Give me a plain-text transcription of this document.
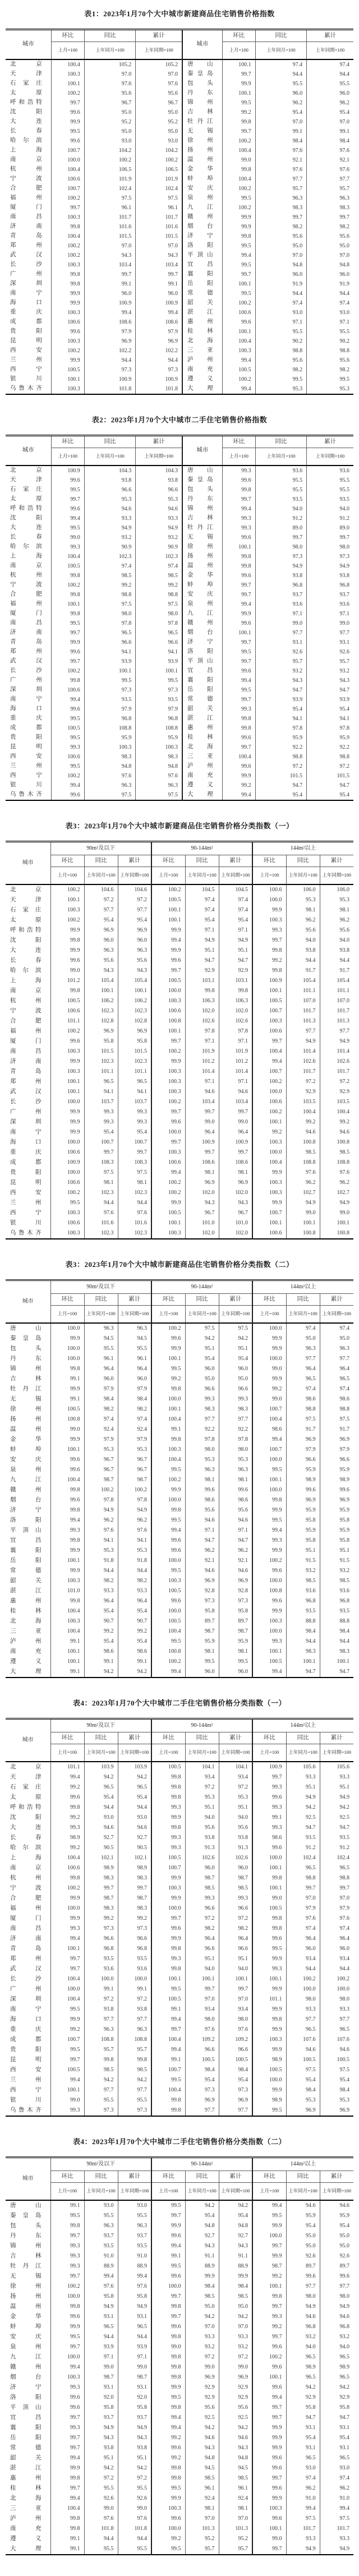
表1：2023年1月70个大中城市新建商品住宅销售价格指数
城市	环比	同比	累计	城市	环比	同比	累计
	上月=100	上年同月=100	上年同期=100		上月=100	上年同月=100	上年同期=100
北京	100.4	105.2	105.2	唐山	100.1	97.4	97.4
天津	100.3	97.0	97.0	秦皇岛	99.7	94.4	94.4
石家庄	100.1	97.6	97.6	包头	99.9	95.5	95.5
太原	100.2	95.6	95.6	丹东	100.1	96.0	96.0
呼和浩特	99.7	96.7	96.7	锦州	99.5	96.2	96.2
沈阳	99.6	95.0	95.0	吉林	99.2	95.4	95.4
大连	99.9	95.2	95.2	牡丹江	99.8	97.0	97.0
长春	99.5	95.0	95.0	无锡	99.7	99.1	99.1
哈尔滨	99.6	93.0	93.0	徐州	100.2	98.4	98.4
上海	100.7	104.2	104.2	扬州	100.4	97.6	97.6
南京	100.0	100.2	100.2	温州	99.0	92.1	92.1
杭州	100.4	106.5	106.5	金华	99.8	97.6	97.6
宁波	100.6	101.9	101.9	蚌埠	100.4	97.7	97.7
合肥	100.7	102.4	102.4	安庆	100.2	95.7	95.7
福州	100.2	97.5	97.5	泉州	99.5	96.3	96.3
厦门	99.7	96.1	96.1	九江	100.2	98.3	98.3
南昌	100.3	101.7	101.7	赣州	99.9	99.7	99.7
济南	99.8	101.6	101.6	烟台	99.9	98.2	98.2
青岛	100.4	101.5	101.5	济宁	99.8	95.6	95.6
郑州	100.2	97.0	97.0	洛阳	99.5	95.0	95.0
武汉	100.2	94.3	94.3	平顶山	99.4	97.0	97.0
长沙	100.3	103.4	103.4	宜昌	99.5	94.8	94.8
广州	99.8	99.7	99.7	襄阳	99.7	96.0	96.0
深圳	99.8	99.1	99.1	岳阳	100.1	91.9	91.9
南宁	99.9	96.0	96.0	常德	99.5	94.4	94.4
海口	99.9	100.9	100.9	韶关	100.2	97.4	97.4
重庆	100.3	99.4	99.4	湛江	100.6	93.0	93.0
成都	100.6	108.6	108.6	惠州	99.6	97.1	97.1
贵阳	99.6	97.9	97.9	桂林	100.1	95.5	95.5
昆明	100.3	96.9	96.9	北海	100.4	90.2	90.2
西安	100.2	102.2	102.2	三亚	100.3	98.8	98.8
兰州	99.9	94.4	94.4	泸州	99.4	95.6	95.6
西宁	100.5	97.3	97.3	南充	100.5	98.2	98.2
银川	100.1	100.9	100.9	遵义	100.2	99.5	99.5
乌鲁木齐	100.3	101.8	101.8	大理	99.4	95.3	95.3
表2：2023年1月70个大中城市二手住宅销售价格指数
城市	环比	同比	累计	城市	环比	同比	累计
	上月=100	上年同月=100	上年同期=100		上月=100	上年同月=100	上年同期=100
北京	100.9	104.3	104.3	唐山	99.3	93.6	93.6
天津	99.6	93.8	93.8	秦皇岛	99.6	95.5	95.5
石家庄	99.5	96.6	96.6	包头	99.8	95.5	95.5
太原	99.7	95.3	95.3	丹东	99.7	93.5	93.5
呼和浩特	99.6	94.6	94.6	锦州	99.4	94.0	94.0
沈阳	99.4	93.3	93.3	吉林	99.3	91.2	91.2
大连	99.5	94.9	94.9	牡丹江	99.3	89.0	89.0
长春	99.0	93.2	93.2	无锡	99.6	99.7	99.7
哈尔滨	99.3	90.9	90.9	徐州	100.1	98.0	98.0
上海	100.4	102.3	102.3	扬州	99.8	97.3	97.3
南京	100.5	97.4	97.4	温州	99.8	94.9	94.9
杭州	99.8	98.5	98.5	金华	99.6	93.8	93.8
宁波	100.2	99.2	99.2	蚌埠	99.7	96.8	96.8
合肥	99.8	98.8	98.8	安庆	99.7	93.7	93.7
福州	100.1	97.5	97.5	泉州	99.4	93.6	93.6
厦门	99.8	98.0	98.0	九江	99.9	97.1	97.1
南昌	99.5	97.8	97.8	赣州	99.6	99.0	99.0
济南	99.7	96.5	96.5	烟台	100.1	97.7	97.7
青岛	99.9	96.6	96.6	济宁	99.7	93.1	93.1
郑州	99.6	94.1	94.1	洛阳	99.5	92.6	92.6
武汉	99.7	93.9	93.9	平顶山	99.7	95.7	95.7
长沙	100.2	100.1	100.1	宜昌	99.6	93.2	93.2
广州	99.8	99.5	99.5	襄阳	99.4	94.3	94.3
深圳	100.6	97.3	97.3	岳阳	99.5	94.7	94.7
南宁	99.4	93.5	93.5	常德	99.7	93.9	93.9
海口	99.6	97.9	97.9	韶关	99.3	95.4	95.4
重庆	99.5	96.8	96.8	湛江	99.8	94.1	94.1
成都	100.5	108.8	108.8	惠州	99.8	97.8	97.8
贵阳	99.5	95.9	95.9	桂林	99.6	95.9	95.9
昆明	99.3	100.3	100.3	北海	99.7	92.2	92.2
西安	100.6	98.3	98.3	三亚	100.4	98.8	98.8
兰州	99.5	94.8	94.8	泸州	99.6	97.2	97.2
西宁	100.2	97.6	97.6	南充	99.9	101.5	101.5
银川	99.4	96.3	96.3	遵义	99.2	94.7	94.7
乌鲁木齐	99.6	97.5	97.5	大理	99.4	95.4	95.4
表3：2023年1月70个大中城市新建商品住宅销售价格分类指数（一）
城市	90m²及以下			90-144m²			144m²以上		
	环比	同比	累计	环比	同比	累计	环比	同比	累计
	上月=100	上年同月=100	上年同期=100	上月=100	上年同月=100	上年同期=100	上月=100	上年同月=100	上年同期=100
北京	100.2	104.6	104.6	100.2	104.5	104.5	100.6	106.0	106.0
天津	100.1	97.2	97.2	100.5	97.4	97.4	100.0	95.3	95.3
石家庄	100.3	97.7	97.7	100.1	97.4	97.4	99.9	98.1	98.1
太原	100.2	95.4	95.4	100.1	95.4	95.4	100.3	96.2	96.2
呼和浩特	99.9	96.9	96.9	99.9	97.1	97.1	99.3	95.6	95.6
沈阳	99.8	96.0	96.0	99.4	94.9	94.9	99.7	94.0	94.0
大连	99.9	96.3	96.3	99.9	95.1	95.1	99.8	93.8	93.8
长春	99.6	95.6	95.6	99.6	94.7	94.7	99.2	94.4	94.4
哈尔滨	99.0	94.3	94.3	99.7	92.9	92.9	99.8	91.7	91.7
上海	101.2	105.4	105.4	100.5	103.1	103.1	100.9	105.4	105.4
南京	99.8	100.1	100.1	100.0	99.8	99.8	100.1	101.1	101.1
杭州	100.5	106.2	106.2	100.3	106.3	106.3	100.5	107.0	107.0
宁波	100.6	102.3	102.3	100.6	102.0	102.0	100.7	101.7	101.7
合肥	101.1	102.8	102.8	100.8	102.6	102.6	100.3	101.3	101.3
福州	100.2	96.9	96.9	100.1	97.8	97.8	100.6	97.7	97.7
厦门	99.6	95.8	95.8	99.7	97.1	97.1	99.7	94.9	94.9
南昌	100.3	101.5	101.5	100.2	101.9	101.9	100.4	101.4	101.4
济南	99.9	102.3	102.3	99.9	101.2	101.2	99.4	102.6	102.6
青岛	100.3	101.1	101.1	100.3	101.4	101.4	100.7	101.7	101.7
郑州	100.1	96.5	96.5	100.3	97.1	97.1	100.2	97.2	97.2
武汉	100.1	94.1	94.1	100.3	94.6	94.6	100.0	92.9	92.9
长沙	100.0	103.7	103.7	100.2	103.4	103.4	100.6	103.5	103.5
广州	99.9	99.3	99.3	99.7	99.7	99.7	100.2	100.4	100.4
深圳	99.9	99.3	99.3	99.6	99.0	99.0	100.1	99.2	99.2
南宁	99.9	95.4	95.4	100.0	96.4	96.4	99.2	94.6	94.6
海口	100.0	100.7	100.7	99.7	100.9	100.9	100.3	100.8	100.8
重庆	100.6	99.7	99.7	100.3	99.7	99.7	100.0	98.5	98.5
成都	100.9	108.3	108.3	100.6	108.6	108.6	100.4	108.8	108.8
贵阳	100.0	97.5	97.5	99.4	98.1	98.1	99.9	97.6	97.6
昆明	100.6	98.1	98.1	100.2	96.9	96.9	100.3	96.2	96.2
西安	100.2	102.3	102.3	100.2	102.0	102.0	100.3	102.7	102.7
兰州	99.5	94.4	94.4	99.9	94.3	94.3	99.9	94.9	94.9
西宁	100.3	97.6	97.6	100.5	96.7	96.7	100.7	99.0	99.0
银川	100.6	101.6	101.6	100.1	101.0	101.0	100.1	100.1	100.1
乌鲁木齐	100.3	102.3	102.3	100.3	102.0	102.0	100.6	100.8	100.8
表3：2023年1月70个大中城市新建商品住宅销售价格分类指数（二）
城市	90m²及以下			90-144m²			144m²以上		
	环比	同比	累计	环比	同比	累计	环比	同比	累计
	上月=100	上年同月=100	上年同期=100	上月=100	上年同月=100	上年同期=100	上月=100	上年同月=100	上年同期=100
唐山	100.0	96.3	96.3	100.2	97.5	97.5	100.0	97.4	97.4
秦皇岛	99.9	94.5	94.5	99.6	94.2	94.2	99.9	95.0	95.0
包头	100.0	95.5	95.5	99.9	95.1	95.1	99.9	96.3	96.3
丹东	100.0	96.1	96.1	100.1	95.4	95.4	100.0	97.7	97.7
锦州	99.8	96.4	96.4	99.5	96.0	96.0	99.0	96.4	96.4
吉林	99.1	96.0	96.0	99.2	95.0	95.0	99.9	96.5	96.5
牡丹江	99.9	97.9	97.9	99.8	96.6	96.6	99.2	97.4	97.4
无锡	99.1	98.4	98.4	100.0	99.3	99.3	99.0	98.6	98.6
徐州	100.5	98.2	98.2	100.1	98.3	98.3	100.7	98.8	98.8
扬州	100.8	97.4	97.4	100.4	97.7	97.7	100.4	97.5	97.5
温州	99.0	92.4	92.4	99.1	92.2	92.2	98.6	91.7	91.7
金华	99.9	97.9	97.9	99.8	97.8	97.8	99.4	96.9	96.9
蚌埠	100.1	95.3	95.3	100.3	98.0	98.0	100.7	97.9	97.9
安庆	99.6	96.7	96.7	100.4	95.3	95.3	100.0	96.6	96.6
泉州	99.6	96.7	96.7	99.5	96.3	96.3	99.5	95.9	95.9
九江	100.4	98.7	98.7	100.2	98.1	98.1	100.1	98.9	98.9
赣州	99.8	100.2	100.2	99.9	99.6	99.6	100.0	99.6	99.6
烟台	99.6	97.8	97.8	100.0	98.6	98.6	99.8	96.9	96.9
济宁	99.8	94.9	94.9	99.8	95.6	95.6	99.9	95.9	95.9
洛阳	99.4	96.2	96.2	99.5	94.6	94.6	99.5	95.8	95.8
平顶山	99.3	97.6	97.6	99.4	97.1	97.1	99.4	95.9	95.9
宜昌	99.8	94.1	94.1	99.6	94.7	94.7	99.3	95.8	95.8
襄阳	99.9	95.3	95.3	99.6	96.2	96.2	99.9	95.1	95.1
岳阳	100.1	91.8	91.8	100.0	92.1	92.1	100.2	91.5	91.5
常德	99.9	94.4	94.4	99.5	94.6	94.6	99.6	93.2	93.2
韶关	100.3	98.2	98.2	100.3	96.9	96.9	100.0	98.5	98.5
湛江	101.0	93.3	93.3	100.5	92.8	92.8	100.8	93.6	93.6
惠州	99.8	96.4	96.4	99.6	97.3	97.3	99.6	96.8	96.8
桂林	100.4	95.4	95.4	100.0	95.8	95.8	99.9	93.5	93.5
北海	100.3	90.7	90.7	100.5	89.7	89.7	100.3	88.8	88.8
三亚	100.4	99.2	99.2	100.4	98.7	98.7	100.0	98.4	98.4
泸州	99.1	95.4	95.4	99.5	95.9	95.9	99.3	94.4	94.4
南充	100.1	98.6	98.6	100.8	98.1	98.1	100.1	98.3	98.3
遵义	100.1	99.1	99.1	100.2	99.5	99.5	100.5	100.1	100.1
大理	99.1	94.2	94.2	99.4	96.0	96.0	99.4	94.7	94.7
表4：2023年1月70个大中城市二手住宅销售价格分类指数（一）
城市	90m²及以下			90-144m²			144m²以上		
	环比	同比	累计	环比	同比	累计	环比	同比	累计
	上月=100	上年同月=100	上年同期=100	上月=100	上年同月=100	上年同期=100	上月=100	上年同月=100	上年同期=100
北京	101.1	103.9	103.9	100.5	104.1	104.1	100.9	105.6	105.6
天津	99.4	94.2	94.2	99.8	93.4	93.4	99.7	93.3	93.3
石家庄	99.2	96.5	96.5	99.8	97.2	97.2	99.3	95.1	95.1
太原	99.6	95.4	95.4	99.8	95.3	95.3	99.6	94.9	94.9
呼和浩特	99.8	94.4	94.4	99.3	95.1	95.1	99.3	94.2	94.2
沈阳	99.2	93.0	93.0	99.9	94.0	94.0	99.1	92.5	92.5
大连	99.3	94.6	94.6	99.8	95.6	95.6	99.3	94.7	94.7
长春	98.9	92.7	92.7	99.3	93.8	93.8	98.6	93.5	93.5
哈尔滨	99.2	90.5	90.5	99.3	91.3	91.3	99.6	91.2	91.2
上海	100.4	102.1	102.1	100.5	102.6	102.6	100.0	102.4	102.4
南京	100.6	98.9	98.9	100.7	96.0	96.0	100.1	96.5	96.5
杭州	99.8	98.3	98.3	99.9	98.7	98.7	99.8	98.8	98.8
宁波	100.2	99.7	99.7	100.3	98.5	98.5	100.1	99.7	99.7
合肥	99.9	98.7	98.7	99.9	99.3	99.3	99.0	97.0	97.0
福州	100.0	98.3	98.3	100.0	96.6	96.6	100.5	97.9	97.9
厦门	99.9	99.2	99.2	99.7	97.2	97.2	99.8	97.6	97.6
南昌	99.3	97.3	97.3	99.6	98.2	98.2	99.8	97.4	97.4
济南	99.4	96.6	96.6	99.9	96.4	96.4	99.6	96.4	96.4
青岛	100.1	96.8	96.8	99.8	96.6	96.6	99.5	96.0	96.0
郑州	99.7	93.5	93.5	99.3	95.1	95.1	99.9	93.4	93.4
武汉	99.7	93.6	93.6	99.8	94.0	94.0	99.3	94.4	94.4
长沙	100.4	100.0	100.0	100.1	100.1	100.1	100.1	100.2	100.2
广州	100.0	99.1	99.1	99.5	99.7	99.7	99.9	100.0	100.0
深圳	100.4	97.2	97.2	100.5	97.0	97.0	101.1	98.0	98.0
南宁	99.5	93.8	93.8	99.1	93.4	93.4	99.9	93.3	93.3
海口	99.9	97.7	97.7	99.4	98.0	98.0	99.8	97.7	97.7
重庆	99.2	96.3	96.3	99.7	97.6	97.6	99.9	96.5	96.5
成都	100.7	108.8	108.8	100.4	109.2	109.2	100.3	107.6	107.6
贵阳	99.5	95.7	95.7	99.4	96.6	96.6	99.9	94.6	94.6
昆明	99.7	99.8	99.8	99.1	100.5	100.5	98.9	100.5	100.5
西安	100.5	98.5	98.5	100.7	98.4	98.4	100.5	97.5	97.5
兰州	99.4	94.2	94.2	99.5	95.4	95.4	100.0	95.4	95.4
西宁	100.1	97.7	97.7	100.4	97.3	97.3	99.9	98.4	98.4
银川	99.0	95.5	95.5	99.8	96.9	96.9	98.9	95.3	95.3
乌鲁木齐	99.3	97.3	97.3	99.8	97.7	97.7	99.5	96.9	96.9
表4：2023年1月70个大中城市二手住宅销售价格分类指数（二）
城市	90m²及以下			90-144m²			144m²以上		
	环比	同比	累计	环比	同比	累计	环比	同比	累计
	上月=100	上年同月=100	上年同期=100	上月=100	上年同月=100	上年同期=100	上月=100	上年同月=100	上年同期=100
唐山	99.1	93.0	93.0	99.5	94.2	94.2	99.4	94.6	94.6
秦皇岛	99.5	95.5	95.5	99.7	95.4	95.4	99.5	95.9	95.9
包头	99.8	96.3	96.3	99.9	94.8	94.8	99.9	95.4	95.4
丹东	99.7	93.7	93.7	99.6	92.7	92.7	100.0	95.0	95.0
锦州	99.3	93.5	93.5	99.4	94.3	94.3	99.7	95.0	95.0
吉林	99.3	91.0	91.0	99.1	91.1	91.1	99.9	92.6	92.6
牡丹江	99.3	88.9	88.9	99.5	88.9	88.9	98.7	89.7	89.7
无锡	99.7	99.4	99.4	99.6	99.9	99.9	99.2	99.6	99.6
徐州	100.2	97.6	97.6	100.0	98.4	98.4	100.1	97.7	97.7
扬州	100.0	95.8	95.8	99.7	98.5	98.5	99.8	98.0	98.0
温州	99.8	94.9	94.9	99.8	95.0	95.0	99.7	94.9	94.9
金华	99.6	93.1	93.1	99.7	94.2	94.2	99.3	94.6	94.6
蚌埠	99.9	96.5	96.5	99.6	97.0	97.0	99.2	96.8	96.8
安庆	99.5	94.4	94.4	99.8	93.3	93.3	99.7	93.2	93.2
泉州	99.7	93.9	93.9	99.0	93.2	93.2	99.6	94.0	94.0
九江	100.0	97.1	97.1	99.8	97.2	97.2	100.2	96.5	96.5
赣州	99.4	99.0	99.0	99.8	99.0	99.0	99.6	98.9	98.9
烟台	100.3	98.7	98.7	99.8	96.9	96.9	100.1	96.5	96.5
济宁	99.3	93.1	93.1	99.9	92.9	92.9	99.6	94.2	94.2
洛阳	99.6	92.0	92.0	99.5	92.9	92.9	99.4	92.9	92.9
平顶山	99.6	95.8	95.8	99.8	95.6	95.6	99.7	95.8	95.8
宜昌	99.7	93.7	93.7	99.4	92.5	92.5	99.7	94.7	94.7
襄阳	99.3	94.9	94.9	99.4	94.2	94.2	99.9	93.1	93.1
岳阳	99.7	94.3	94.3	99.2	94.6	94.6	99.9	95.4	95.4
常德	99.7	93.8	93.8	99.6	94.3	94.3	99.9	93.1	93.1
韶关	99.4	95.1	95.1	99.2	94.8	94.8	99.6	96.5	96.5
湛江	99.9	94.2	94.2	99.8	94.5	94.5	99.6	93.0	93.0
惠州	99.8	97.2	97.2	99.8	98.5	98.5	99.7	97.4	97.4
桂林	99.7	95.5	95.5	99.5	96.1	96.1	99.6	96.2	96.2
北海	99.4	92.6	92.6	99.9	92.4	92.4	99.9	91.0	91.0
三亚	100.4	99.0	99.0	100.3	98.1	98.1	100.3	99.4	99.4
泸州	99.8	97.6	97.6	99.6	97.0	97.0	99.6	97.5	97.5
南充	99.8	101.8	101.8	100.0	101.3	101.3	100.1	101.7	101.7
遵义	99.1	94.4	94.4	99.2	95.2	95.2	99.0	93.3	93.3
大理	99.1	95.5	95.5	99.5	95.7	95.7	99.7	94.9	94.9
